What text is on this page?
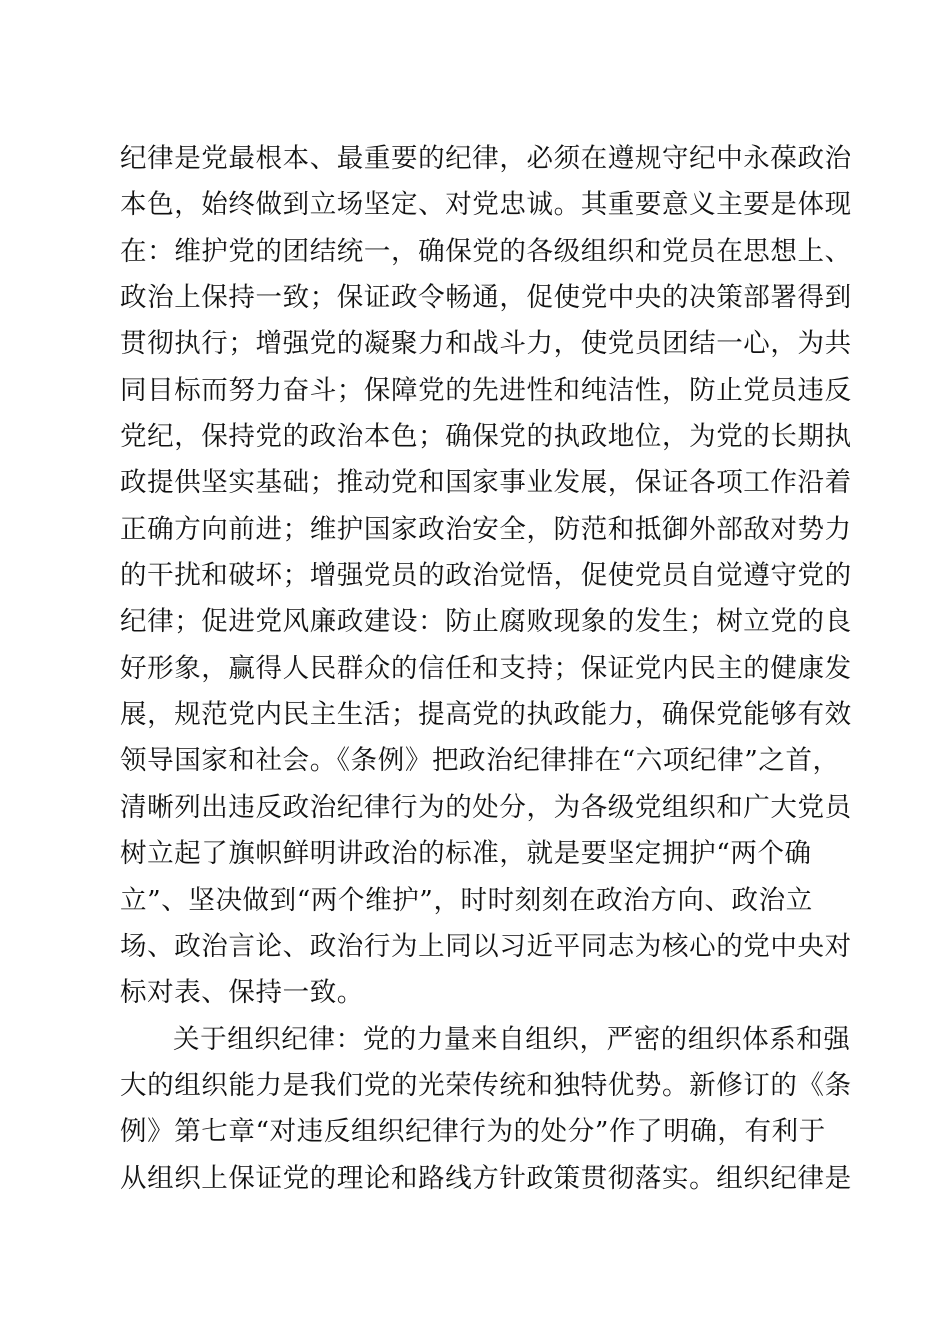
纪律是党最根本、最重要的纪律，必须在遵规守纪中永葆政治
本色，始终做到立场坚定、对党忠诚。其重要意义主要是体现
在：维护党的团结统一，确保党的各级组织和党员在思想上、
政治上保持一致；保证政令畅通，促使党中央的决策部署得到
贯彻执行；增强党的凝聚力和战斗力，使党员团结一心，为共
同目标而努力奋斗；保障党的先进性和纯洁性，防止党员违反
党纪，保持党的政治本色；确保党的执政地位，为党的长期执
政提供坚实基础；推动党和国家事业发展，保证各项工作沿着
正确方向前进；维护国家政治安全，防范和抵御外部敌对势力
的干扰和破坏；增强党员的政治觉悟，促使党员自觉遵守党的
纪律；促进党风廉政建设：防止腐败现象的发生；树立党的良
好形象，赢得人民群众的信任和支持；保证党内民主的健康发
展，规范党内民主生活；提高党的执政能力，确保党能够有效
领导国家和社会。《条例》把政治纪律排在“六项纪律”之首，
清晰列出违反政治纪律行为的处分，为各级党组织和广大党员
树立起了旗帜鲜明讲政治的标准，就是要坚定拥护“两个确
立”、坚决做到“两个维护”，时时刻刻在政治方向、政治立
场、政治言论、政治行为上同以习近平同志为核心的党中央对
标对表、保持一致。
关于组织纪律：党的力量来自组织，严密的组织体系和强
大的组织能力是我们党的光荣传统和独特优势。新修订的《条
例》第七章“对违反组织纪律行为的处分”作了明确，有利于
从组织上保证党的理论和路线方针政策贯彻落实。组织纪律是
